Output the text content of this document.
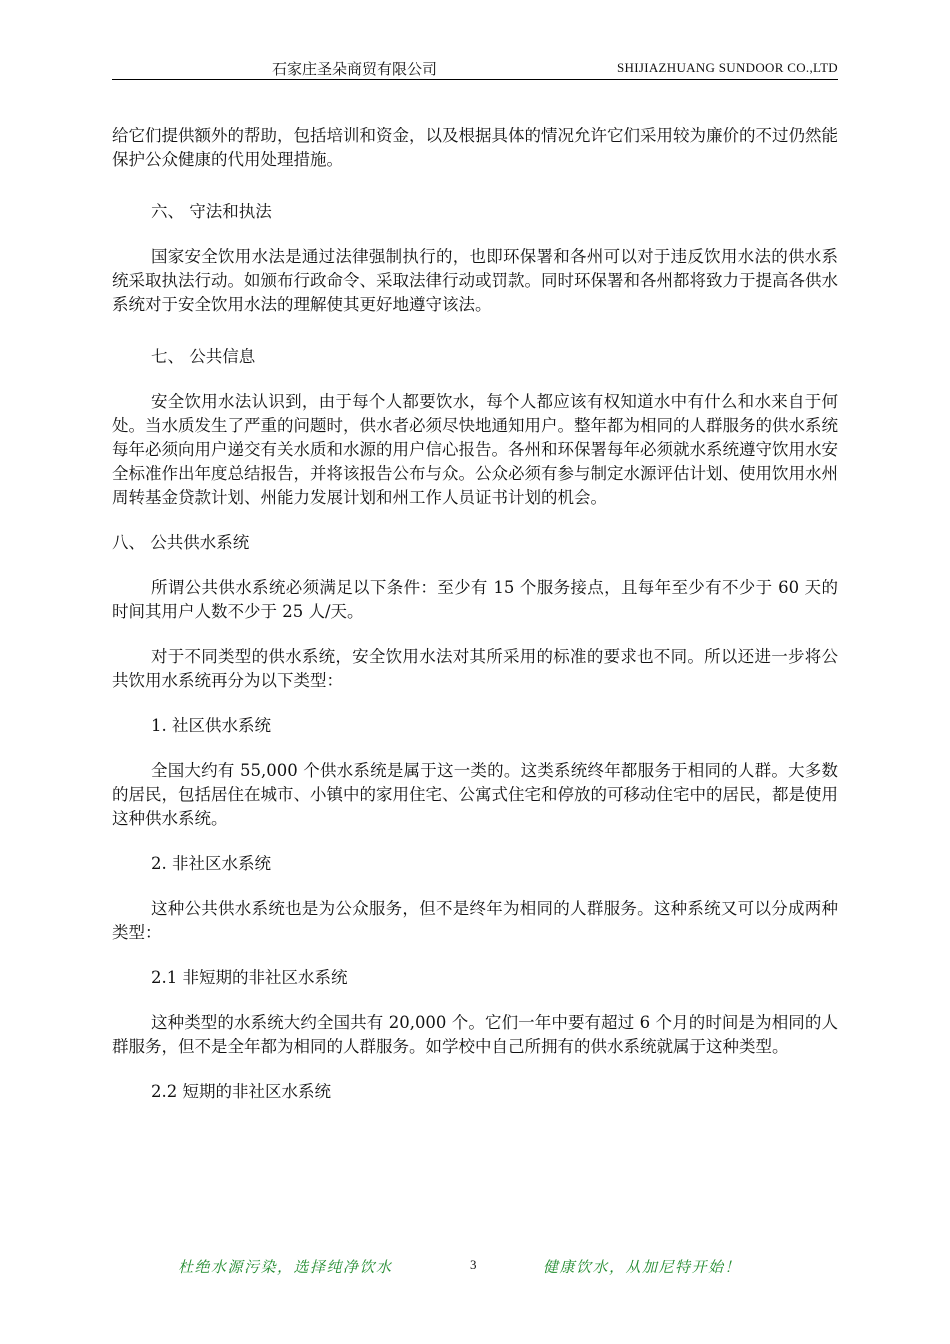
石家庄圣朵商贸有限公司	SHIJIAZHUANG SUNDOOR CO.,LTD

给它们提供额外的帮助，包括培训和资金，以及根据具体的情况允许它们采用较为廉价的不过仍然能保护公众健康的代用处理措施。

六、 守法和执法

国家安全饮用水法是通过法律强制执行的，也即环保署和各州可以对于违反饮用水法的供水系统采取执法行动。如颁布行政命令、采取法律行动或罚款。同时环保署和各州都将致力于提高各供水系统对于安全饮用水法的理解使其更好地遵守该法。

七、 公共信息

安全饮用水法认识到，由于每个人都要饮水，每个人都应该有权知道水中有什么和水来自于何处。当水质发生了严重的问题时，供水者必须尽快地通知用户。整年都为相同的人群服务的供水系统每年必须向用户递交有关水质和水源的用户信心报告。各州和环保署每年必须就水系统遵守饮用水安全标准作出年度总结报告，并将该报告公布与众。公众必须有参与制定水源评估计划、使用饮用水州周转基金贷款计划、州能力发展计划和州工作人员证书计划的机会。

八、 公共供水系统

所谓公共供水系统必须满足以下条件：至少有 15 个服务接点，且每年至少有不少于 60 天的时间其用户人数不少于 25 人/天。

对于不同类型的供水系统，安全饮用水法对其所采用的标准的要求也不同。所以还进一步将公共饮用水系统再分为以下类型：

1. 社区供水系统

全国大约有 55,000 个供水系统是属于这一类的。这类系统终年都服务于相同的人群。大多数的居民，包括居住在城市、小镇中的家用住宅、公寓式住宅和停放的可移动住宅中的居民，都是使用这种供水系统。

2. 非社区水系统

这种公共供水系统也是为公众服务，但不是终年为相同的人群服务。这种系统又可以分成两种类型：

2.1 非短期的非社区水系统

这种类型的水系统大约全国共有 20,000 个。它们一年中要有超过 6 个月的时间是为相同的人群服务，但不是全年都为相同的人群服务。如学校中自己所拥有的供水系统就属于这种类型。

2.2 短期的非社区水系统

杜绝水源污染，选择纯净饮水	3	健康饮水，从加尼特开始！
